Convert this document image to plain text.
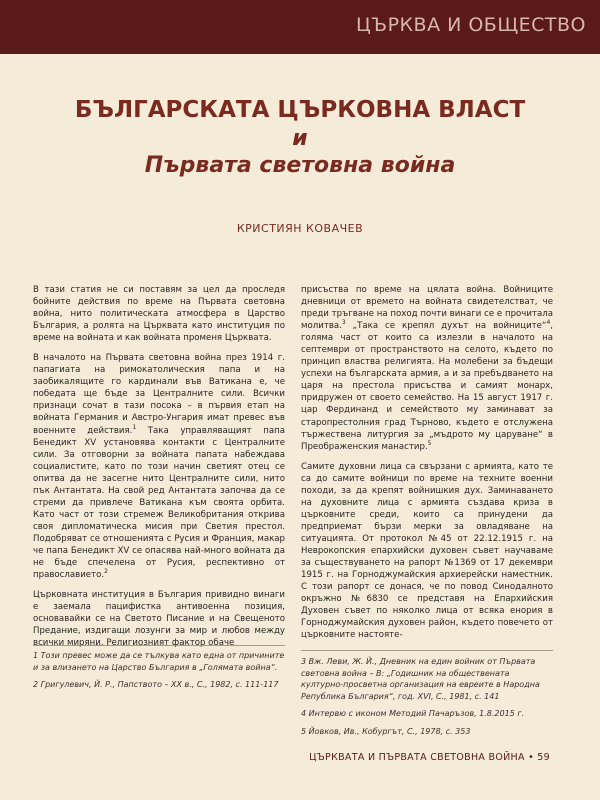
ЦЪРКВА И ОБЩЕСТВО

БЪЛГАРСКАТА ЦЪРКОВНА ВЛАСТ

и

Първата световна война

КРИСТИЯН КОВАЧЕВ

В тази статия не си поставям за цел да проследя бойните действия по време на Първата световна война, нито политическата атмосфера в Царство България, а ролята на Църквата като институция по време на войната и как войната променя Църквата.

В началото на Първата световна война през 1914 г. папагиата на римокатолическия папа и на заобикалящите го кардинали във Ватикана е, че победата ще бъде за Централните сили. Всички признаци сочат в тази посока – в първия етап на войната Германия и Австро-Унгария имат превес във военните действия.$^1$ Така управляващият папа Бенедикт XV установява контакти с Централните сили. За отговорни за войната папата набеждава социалистите, като по този начин светият отец се опитва да не засегне нито Централните сили, нито пък Антантата. На свой ред Антантата започва да се стреми да привлече Ватикана към своята орбита. Като част от този стремеж Великобритания открива своя дипломатическа мисия при Светия престол. Подобряват се отношенията с Русия и Франция, макар че папа Бенедикт XV се опасява най-много войната да не бъде спечелена от Русия, респективно от православието.$^2$

Църковната институция в България привидно винаги е заемала пацифистка антивоенна позиция, основавайки се на Светото Писание и на Свещеното Предание, издигащи лозунги за мир и любов между всички миряни. Религиозният фактор обаче

1 Този превес може да се тълкува като една от причините и за влизането на Царство България в „Голямата война“.

2 Григулевич, Й. Р., Папството – XX в., С., 1982, с. 111-117

присъства по време на цялата война. Войниците дневници от времето на войната свидетелстват, че преди тръгване на поход почти винаги се е прочитала молитва.$^3$ „Така се крепял духът на войниците“$^4$, голяма част от които са излезли в началото на септември от пространството на селото, където по принцип властва религията. На молебени за бъдещи успехи на българската армия, а и за пребъдването на царя на престола присъства и самият монарх, придружен от своето семейство. На 15 август 1917 г. цар Фердинанд и семейството му заминават за старопрестолния град Търново, където е отслужена тържествена литургия за „мъдрото му царуване“ в Преображенския манастир.$^5$

Самите духовни лица са свързани с армията, като те са до самите войници по време на техните военни походи, за да крепят войнишкия дух. Заминаването на духовните лица с армията създава криза в църковните среди, които са принудени да предприемат бързи мерки за овладяване на ситуацията. От протокол №45 от 22.12.1915 г. на Неврокопския епархийски духовен съвет научаваме за съществуването на рапорт №1369 от 17 декември 1915 г. на Горноджумайския архиерейски наместник. С този рапорт се донася, че по повод Синодалното окръжно №6830 се представя на Епархийския Духовен съвет по няколко лица от всяка енория в Горноджумайския духовен район, където повечето от църковните настояте-

3 Вж. Леви, Ж. Й., Дневник на един войник от Първата световна война – В: „Годишник на обществената културно-просветна организация на евреите в Народна Република България“, год. XVI, С., 1981, с. 141

4 Интервю с иконом Методий Пачаръзов, 1.8.2015 г.

5 Йовков, Ив., Кобургът, С., 1978, с. 353

ЦЪРКВАТА И ПЪРВАТА СВЕТОВНА ВОЙНА • 59
